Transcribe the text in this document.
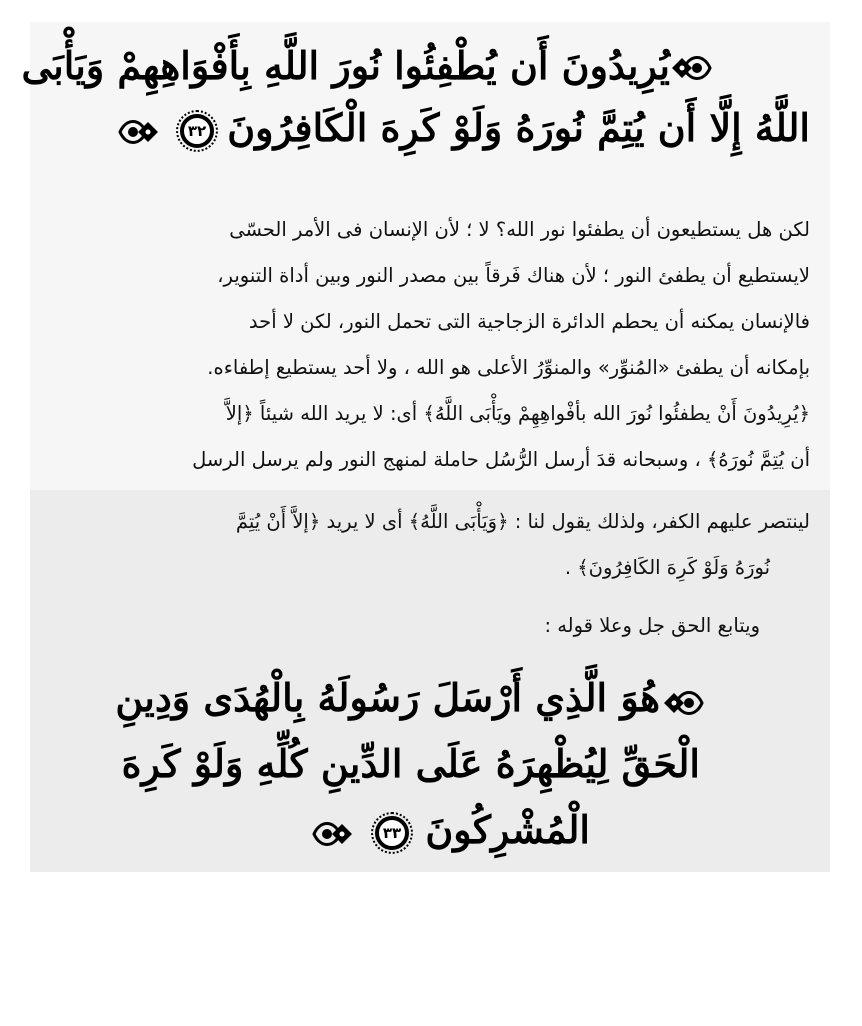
يُرِيدُونَ أَن يُطْفِئُوا نُورَ اللَّهِ بِأَفْوَاهِهِمْ وَيَأْبَى
اللَّهُ إِلَّا أَن يُتِمَّ نُورَهُ وَلَوْ كَرِهَ الْكَافِرُونَ
٣٢
لكن هل يستطيعون أن يطفئوا نور الله؟ لا ؛ لأن الإنسان فى الأمر الحسّى
لايستطيع أن يطفئ النور ؛ لأن هناك فَرقاً بين مصدر النور وبين أداة التنوير،
فالإنسان يمكنه أن يحطم الدائرة الزجاجية التى تحمل النور، لكن لا أحد
بإمكانه أن يطفئ «المُنوِّر» والمنوِّرُ الأعلى هو الله ، ولا أحد يستطيع إطفاءه.
﴿يُرِيدُونَ أَنْ يطفئُوا نُورَ الله بأفْواهِهِمْ ويَأْبَى اللَّهُ﴾ أى: لا يريد الله شيئاً ﴿إلاَّ
أن يُتِمَّ نُورَهُ﴾ ، وسبحانه قدَ أرسل الرُّسُل حاملة لمنهج النور ولم يرسل الرسل
لينتصر عليهم الكفر، ولذلك يقول لنا : ﴿وَيَأْبَى اللَّهُ﴾ أى لا يريد ﴿إلاَّ أَنْ يُتِمَّ
نُورَهُ وَلَوْ كَرِهَ الكَافِرُونَ﴾ .
ويتابع الحق جل وعلا قوله :
هُوَ الَّذِي أَرْسَلَ رَسُولَهُ بِالْهُدَى وَدِينِ
الْحَقِّ لِيُظْهِرَهُ عَلَى الدِّينِ كُلِّهِ وَلَوْ كَرِهَ
الْمُشْرِكُونَ
٣٣
